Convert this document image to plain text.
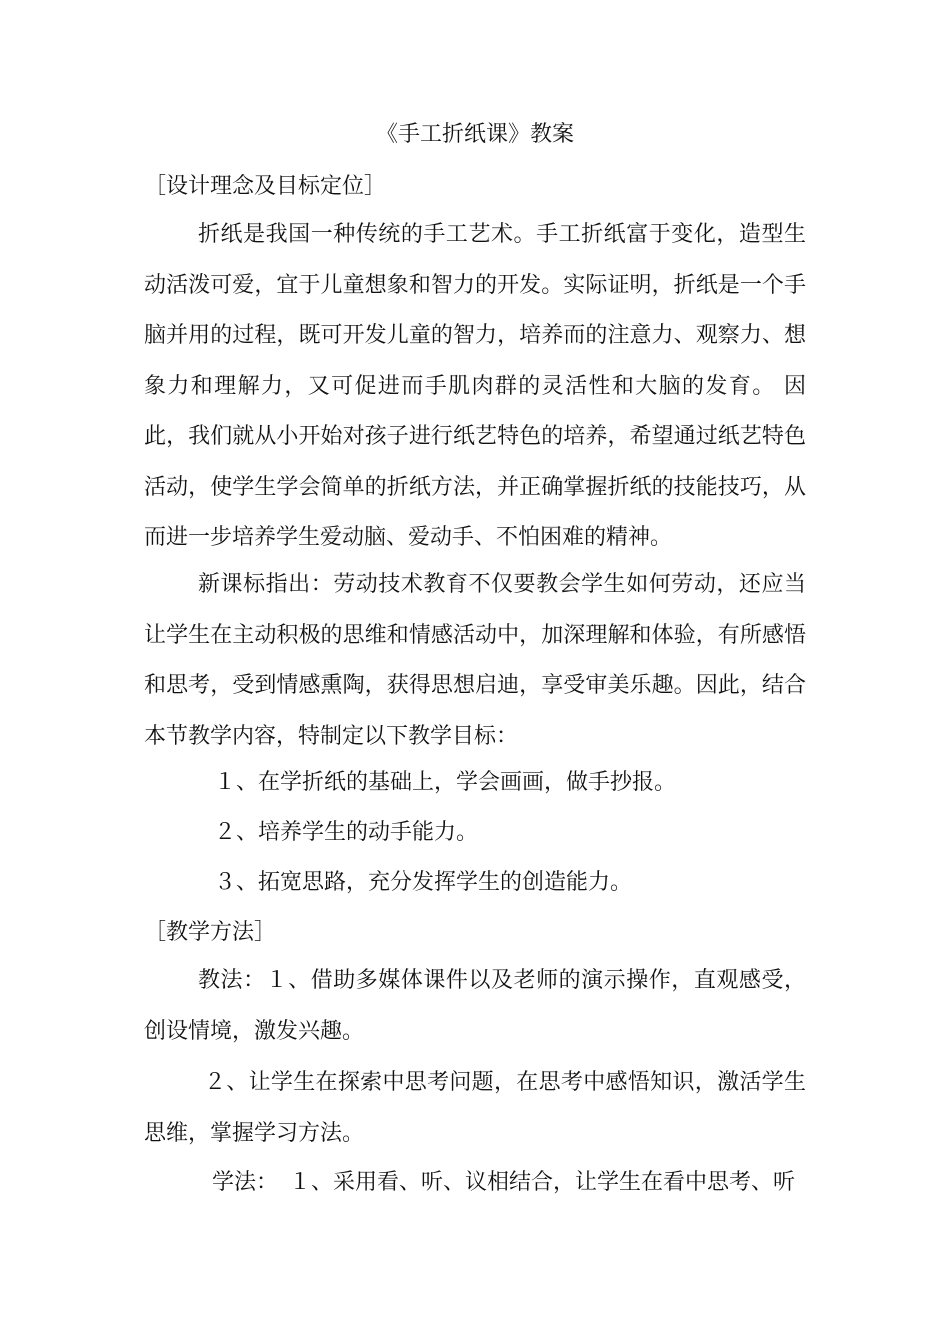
《手工折纸课》教案
［设计理念及目标定位］

折纸是我国一种传统的手工艺术。手工折纸富于变化，造型生动活泼可爱，宜于儿童想象和智力的开发。实际证明，折纸是一个手脑并用的过程，既可开发儿童的智力，培养而的注意力、观察力、想象力和理解力，又可促进而手肌肉群的灵活性和大脑的发育。 因此，我们就从小开始对孩子进行纸艺特色的培养，希望通过纸艺特色活动，使学生学会简单的折纸方法，并正确掌握折纸的技能技巧，从而进一步培养学生爱动脑、爱动手、不怕困难的精神。

新课标指出：劳动技术教育不仅要教会学生如何劳动，还应当让学生在主动积极的思维和情感活动中，加深理解和体验，有所感悟和思考，受到情感熏陶，获得思想启迪，享受审美乐趣。因此，结合本节教学内容，特制定以下教学目标：

１、在学折纸的基础上，学会画画，做手抄报。
２、培养学生的动手能力。
３、拓宽思路，充分发挥学生的创造能力。
［教学方法］

教法：１、借助多媒体课件以及老师的演示操作，直观感受，创设情境，激发兴趣。

２、让学生在探索中思考问题，在思考中感悟知识，激活学生思维，掌握学习方法。

学法：　１、采用看、听、议相结合，让学生在看中思考、听
